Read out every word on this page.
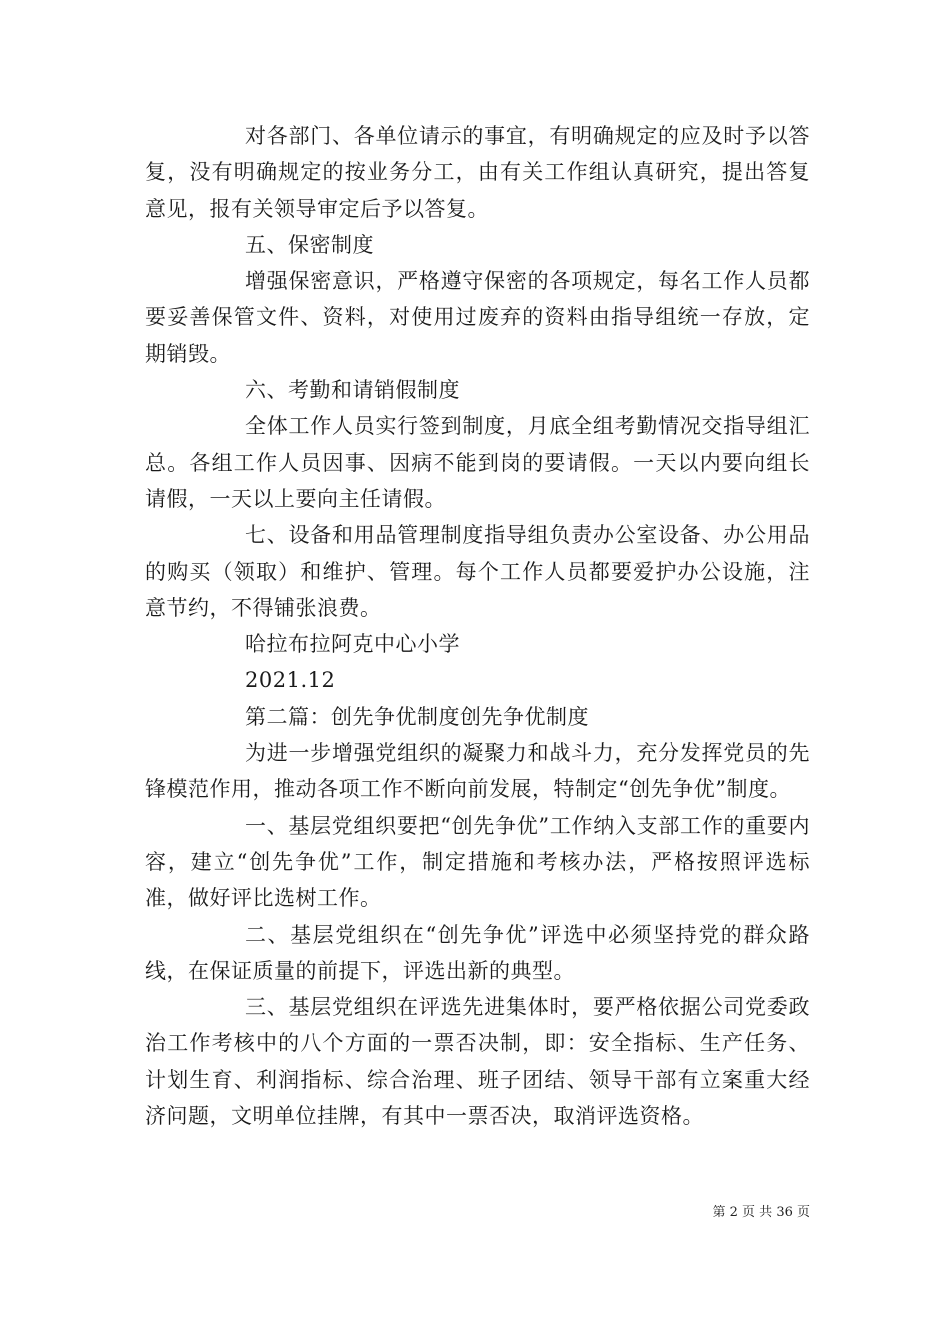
对各部门、各单位请示的事宜，有明确规定的应及时予以答复，没有明确规定的按业务分工，由有关工作组认真研究，提出答复意见，报有关领导审定后予以答复。

五、保密制度

增强保密意识，严格遵守保密的各项规定，每名工作人员都要妥善保管文件、资料，对使用过废弃的资料由指导组统一存放，定期销毁。

六、考勤和请销假制度

全体工作人员实行签到制度，月底全组考勤情况交指导组汇总。各组工作人员因事、因病不能到岗的要请假。一天以内要向组长请假，一天以上要向主任请假。

七、设备和用品管理制度指导组负责办公室设备、办公用品的购买（领取）和维护、管理。每个工作人员都要爱护办公设施，注意节约，不得铺张浪费。

哈拉布拉阿克中心小学

2021.12

第二篇：创先争优制度创先争优制度

为进一步增强党组织的凝聚力和战斗力，充分发挥党员的先锋模范作用，推动各项工作不断向前发展，特制定“创先争优”制度。

一、基层党组织要把“创先争优”工作纳入支部工作的重要内容，建立“创先争优”工作，制定措施和考核办法，严格按照评选标准，做好评比选树工作。

二、基层党组织在“创先争优”评选中必须坚持党的群众路线，在保证质量的前提下，评选出新的典型。

三、基层党组织在评选先进集体时，要严格依据公司党委政治工作考核中的八个方面的一票否决制，即：安全指标、生产任务、计划生育、利润指标、综合治理、班子团结、领导干部有立案重大经济问题，文明单位挂牌，有其中一票否决，取消评选资格。

第 2 页 共 36 页
